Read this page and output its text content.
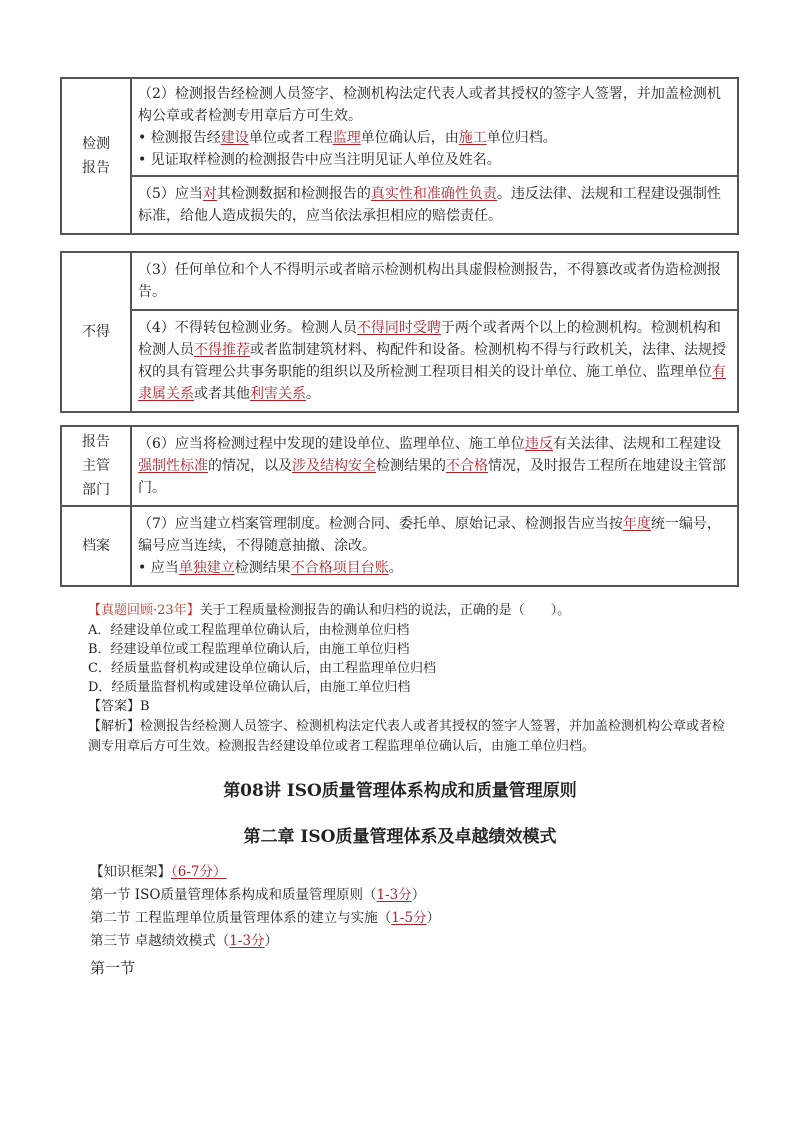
检测报告	（2）检测报告经检测人员签字、检测机构法定代表人或者其授权的签字人签署，并加盖检测机构公章或者检测专用章后方可生效。
• 检测报告经建设单位或者工程监理单位确认后，由施工单位归档。
• 见证取样检测的检测报告中应当注明见证人单位及姓名。

（5）应当对其检测数据和检测报告的真实性和准确性负责。违反法律、法规和工程建设强制性标准，给他人造成损失的，应当依法承担相应的赔偿责任。
不得	（3）任何单位和个人不得明示或者暗示检测机构出具虚假检测报告，不得篡改或者伪造检测报告。
（4）不得转包检测业务。检测人员不得同时受聘于两个或者两个以上的检测机构。检测机构和检测人员不得推荐或者监制建筑材料、构配件和设备。检测机构不得与行政机关，法律、法规授权的具有管理公共事务职能的组织以及所检测工程项目相关的设计单位、施工单位、监理单位有隶属关系或者其他利害关系。
报告主管部门	（6）应当将检测过程中发现的建设单位、监理单位、施工单位违反有关法律、法规和工程建设强制性标准的情况，以及涉及结构安全检测结果的不合格情况，及时报告工程所在地建设主管部门。
档案	（7）应当建立档案管理制度。检测合同、委托单、原始记录、检测报告应当按年度统一编号，编号应当连续，不得随意抽撤、涂改。
• 应当单独建立检测结果不合格项目台账。
【真题回顾·23年】关于工程质量检测报告的确认和归档的说法，正确的是（　　）。
A．经建设单位或工程监理单位确认后，由检测单位归档
B．经建设单位或工程监理单位确认后，由施工单位归档
C．经质量监督机构或建设单位确认后，由工程监理单位归档
D．经质量监督机构或建设单位确认后，由施工单位归档
【答案】B
【解析】检测报告经检测人员签字、检测机构法定代表人或者其授权的签字人签署，并加盖检测机构公章或者检测专用章后方可生效。检测报告经建设单位或者工程监理单位确认后，由施工单位归档。
第08讲 ISO质量管理体系构成和质量管理原则
第二章 ISO质量管理体系及卓越绩效模式
【知识框架】（6-7分）
第一节 ISO质量管理体系构成和质量管理原则（1-3分）
第二节 工程监理单位质量管理体系的建立与实施（1-5分）
第三节 卓越绩效模式（1-3分）
第一节
